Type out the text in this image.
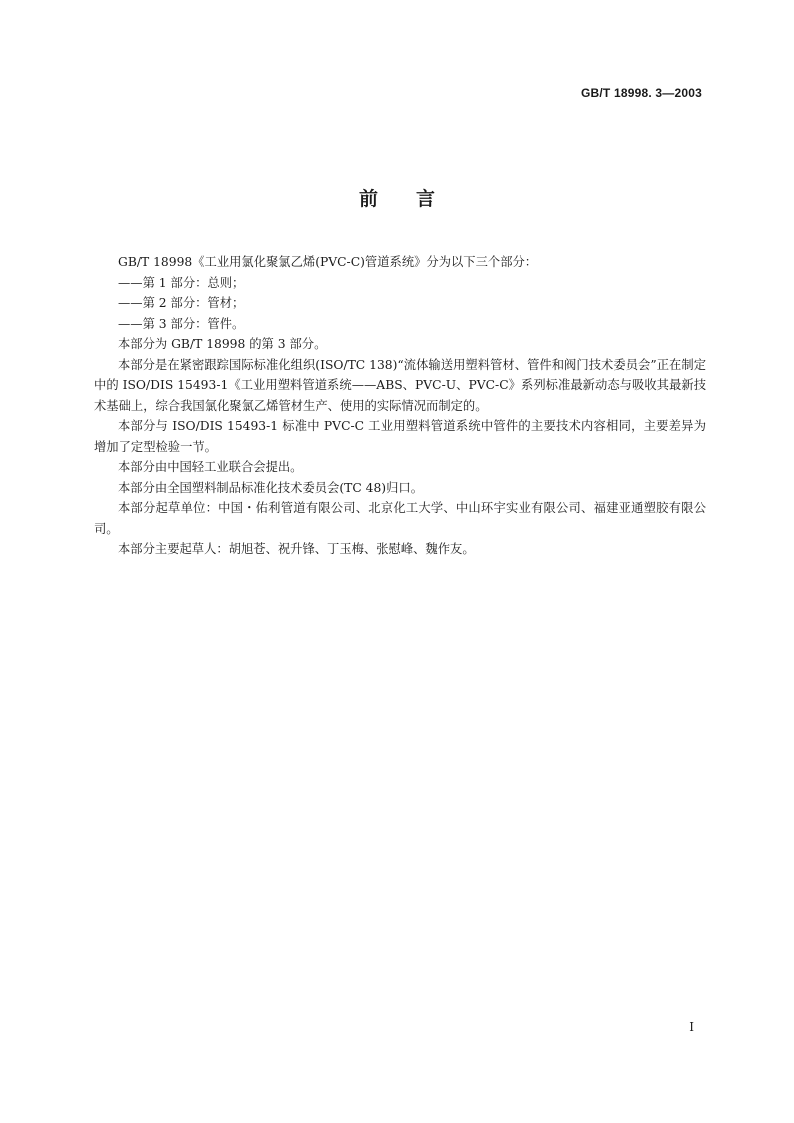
GB/T 18998. 3—2003
前言

GB/T 18998《工业用氯化聚氯乙烯(PVC-C)管道系统》分为以下三个部分：

——第 1 部分：总则；

——第 2 部分：管材；

——第 3 部分：管件。

本部分为 GB/T 18998 的第 3 部分。

本部分是在紧密跟踪国际标准化组织(ISO/TC 138)“流体输送用塑料管材、管件和阀门技术委员会”正在制定中的 ISO/DIS 15493-1《工业用塑料管道系统——ABS、PVC-U、PVC-C》系列标准最新动态与吸收其最新技术基础上，综合我国氯化聚氯乙烯管材生产、使用的实际情况而制定的。

本部分与 ISO/DIS 15493-1 标准中 PVC-C 工业用塑料管道系统中管件的主要技术内容相同，主要差异为增加了定型检验一节。

本部分由中国轻工业联合会提出。

本部分由全国塑料制品标准化技术委员会(TC 48)归口。

本部分起草单位：中国・佑利管道有限公司、北京化工大学、中山环宇实业有限公司、福建亚通塑胶有限公司。

本部分主要起草人：胡旭苍、祝升锋、丁玉梅、张慰峰、魏作友。

I
